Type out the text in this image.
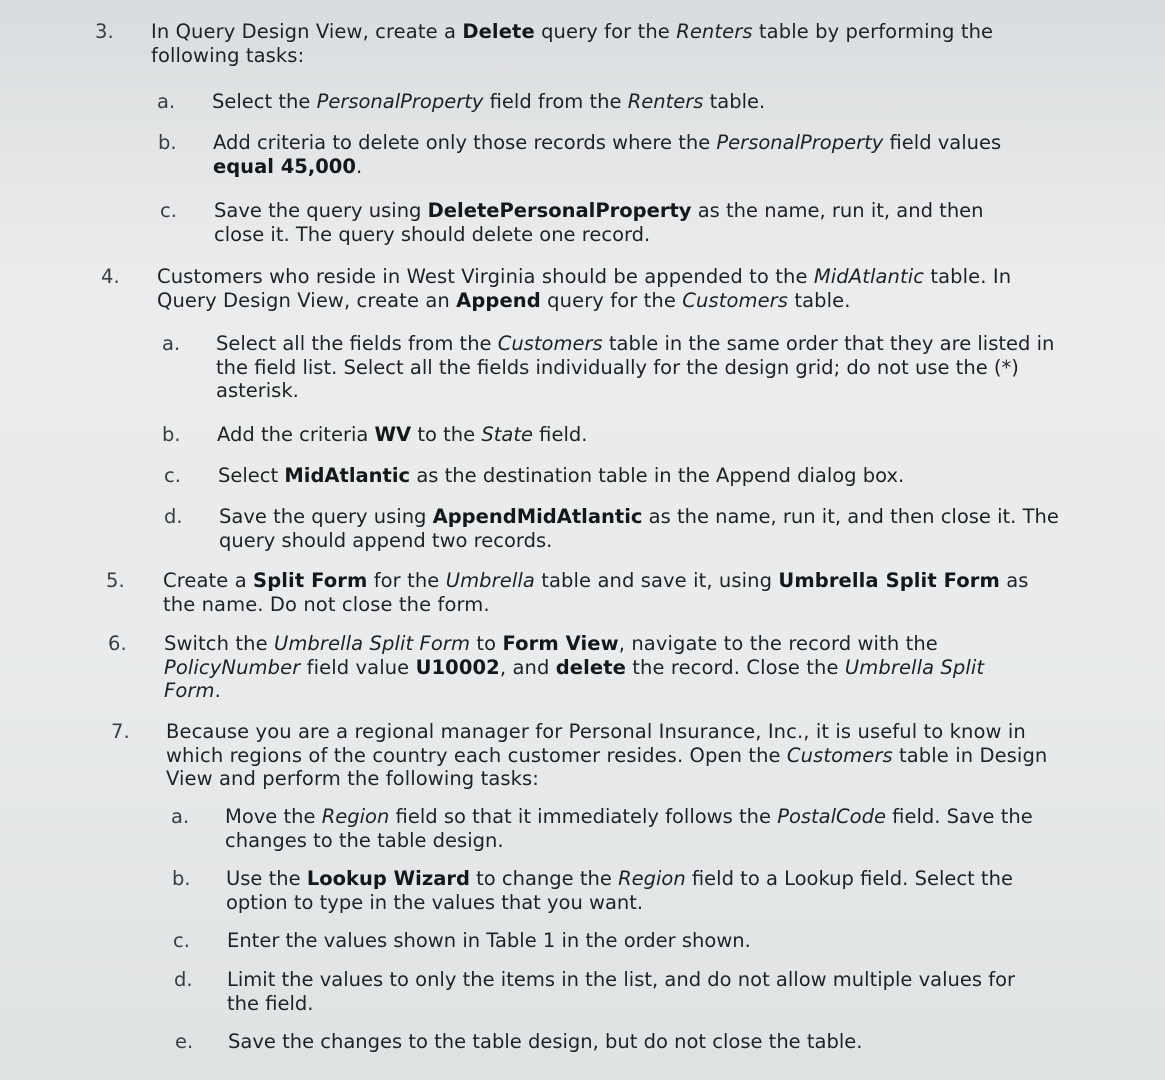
3. In Query Design View, create a Delete query for the Renters table by performing the following tasks:
a. Select the PersonalProperty field from the Renters table.
b. Add criteria to delete only those records where the PersonalProperty field values equal 45,000.
c. Save the query using DeletePersonalProperty as the name, run it, and then close it. The query should delete one record.
4. Customers who reside in West Virginia should be appended to the MidAtlantic table. In Query Design View, create an Append query for the Customers table.
a. Select all the fields from the Customers table in the same order that they are listed in the field list. Select all the fields individually for the design grid; do not use the (*) asterisk.
b. Add the criteria WV to the State field.
c. Select MidAtlantic as the destination table in the Append dialog box.
d. Save the query using AppendMidAtlantic as the name, run it, and then close it. The query should append two records.
5. Create a Split Form for the Umbrella table and save it, using Umbrella Split Form as the name. Do not close the form.
6. Switch the Umbrella Split Form to Form View, navigate to the record with the PolicyNumber field value U10002, and delete the record. Close the Umbrella Split Form.
7. Because you are a regional manager for Personal Insurance, Inc., it is useful to know in which regions of the country each customer resides. Open the Customers table in Design View and perform the following tasks:
a. Move the Region field so that it immediately follows the PostalCode field. Save the changes to the table design.
b. Use the Lookup Wizard to change the Region field to a Lookup field. Select the option to type in the values that you want.
c. Enter the values shown in Table 1 in the order shown.
d. Limit the values to only the items in the list, and do not allow multiple values for the field.
e. Save the changes to the table design, but do not close the table.
